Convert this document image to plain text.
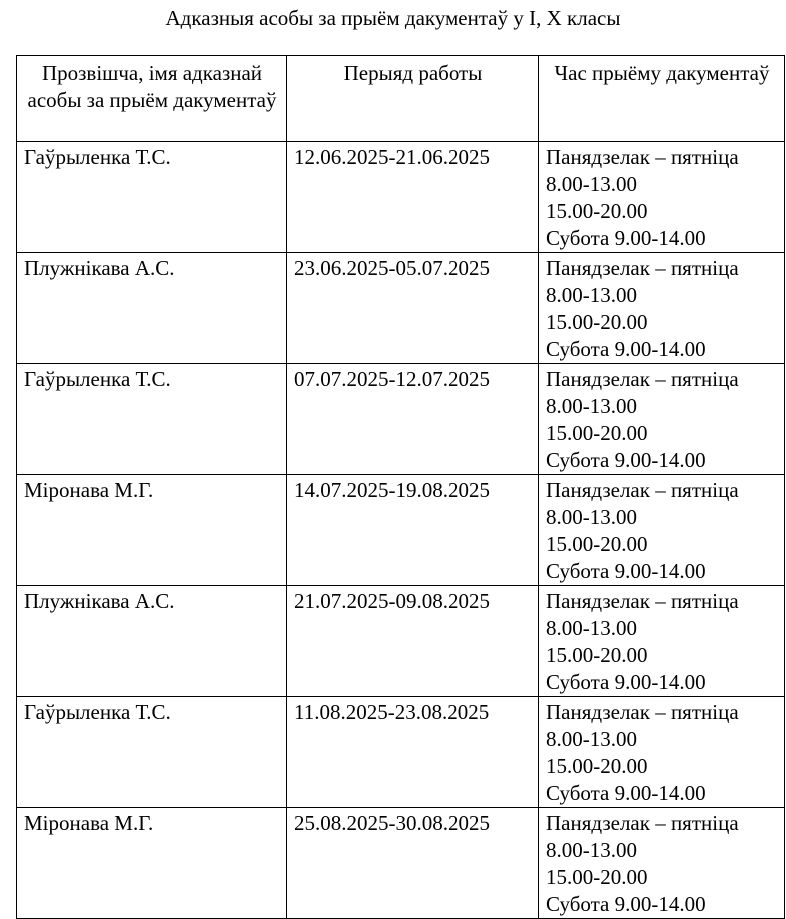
Адказныя асобы за прыём дакументаў у I, X класы
Прозвішча, імя адказнай асобы за прыём дакументаў	Перыяд работы	Час прыёму дакументаў
Гаўрыленка Т.С.	12.06.2025-21.06.2025	Панядзелак – пятніца
8.00-13.00
15.00-20.00
Субота 9.00-14.00

Плужнікава А.С.	23.06.2025-05.07.2025	Панядзелак – пятніца
8.00-13.00
15.00-20.00
Субота 9.00-14.00

Гаўрыленка Т.С.	07.07.2025-12.07.2025	Панядзелак – пятніца
8.00-13.00
15.00-20.00
Субота 9.00-14.00

Міронава М.Г.	14.07.2025-19.08.2025	Панядзелак – пятніца
8.00-13.00
15.00-20.00
Субота 9.00-14.00

Плужнікава А.С.	21.07.2025-09.08.2025	Панядзелак – пятніца
8.00-13.00
15.00-20.00
Субота 9.00-14.00

Гаўрыленка Т.С.	11.08.2025-23.08.2025	Панядзелак – пятніца
8.00-13.00
15.00-20.00
Субота 9.00-14.00

Міронава М.Г.	25.08.2025-30.08.2025	Панядзелак – пятніца
8.00-13.00
15.00-20.00
Субота 9.00-14.00
